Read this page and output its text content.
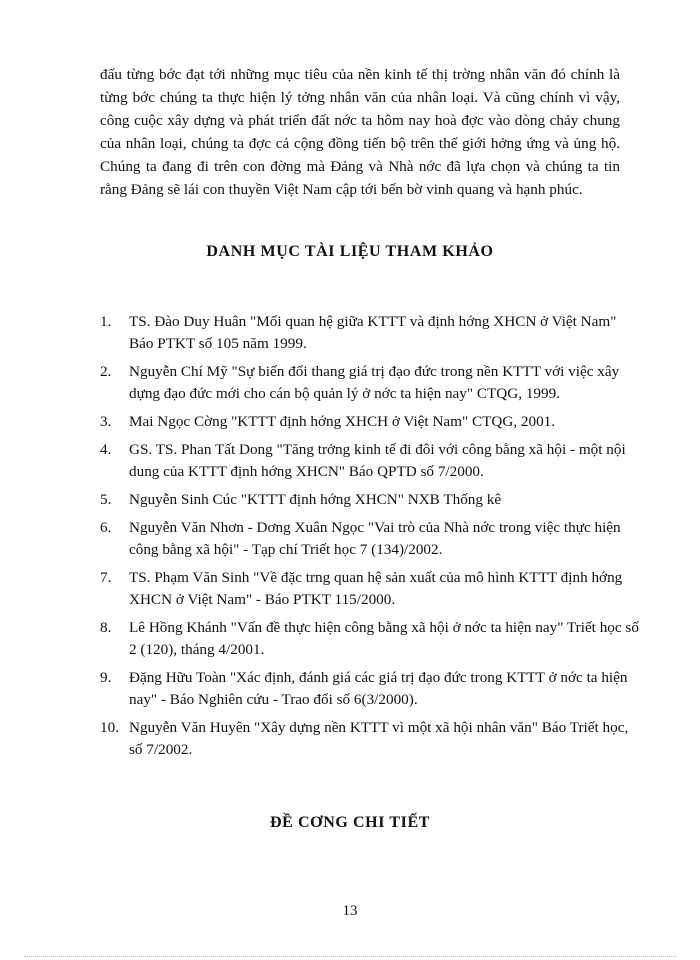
đấu từng bớc đạt tới những mục tiêu của nền kinh tế thị trờng nhân văn đó chính là từng bớc chúng ta thực hiện lý tởng nhân văn của nhân loại. Và cũng chính vì vậy, công cuộc xây dựng và phát triển đất nớc ta hôm nay hoà đợc vào dòng chảy chung của nhân loại, chúng ta đợc cả cộng đồng tiến bộ trên thế giới hởng ứng và ủng hộ. Chúng ta đang đi trên con đờng mà Đảng và Nhà nớc đã lựa chọn và chúng ta tin rằng Đảng sẽ lái con thuyền Việt Nam cập tới bến bờ vinh quang và hạnh phúc.

DANH MỤC TÀI LIỆU THAM KHẢO
1.	TS. Đào Duy Huân "Mối quan hệ giữa KTTT và định hớng XHCN ở Việt Nam" Báo PTKT số 105 năm 1999.
2.	Nguyễn Chí Mỹ "Sự biến đổi thang giá trị đạo đức trong nền KTTT với việc xây dựng đạo đức mới cho cán bộ quản lý ở nớc ta hiện nay" CTQG, 1999.
3.	Mai Ngọc Cờng "KTTT định hớng XHCH ở Việt Nam" CTQG, 2001.
4.	GS. TS. Phan Tất Dong "Tăng trởng kinh tế đi đôi với công bằng xã hội - một nội dung của KTTT định hớng XHCN" Báo QPTD số 7/2000.
5.	Nguyễn Sinh Cúc "KTTT định hớng XHCN" NXB Thống kê
6.	Nguyễn Văn Nhơn - Dơng Xuân Ngọc "Vai trò của Nhà nớc trong việc thực hiện công bằng xã hội" - Tạp chí Triết học 7 (134)/2002.
7.	TS. Phạm Văn Sinh "Về đặc trng quan hệ sản xuất của mô hình KTTT định hớng XHCN ở Việt Nam" - Báo PTKT 115/2000.
8.	Lê Hồng Khánh "Vấn đề thực hiện công bằng xã hội ở nớc ta hiện nay" Triết học số 2 (120), tháng 4/2001.
9.	Đặng Hữu Toàn "Xác định, đánh giá các giá trị đạo đức trong KTTT ở nớc ta hiện nay" - Báo Nghiên cứu - Trao đổi số 6(3/2000).
10. Nguyễn Văn Huyên "Xây dựng nền KTTT vì một xã hội nhân văn" Báo Triết học, số 7/2002.
ĐỀ CƠNG CHI TIẾT
13
